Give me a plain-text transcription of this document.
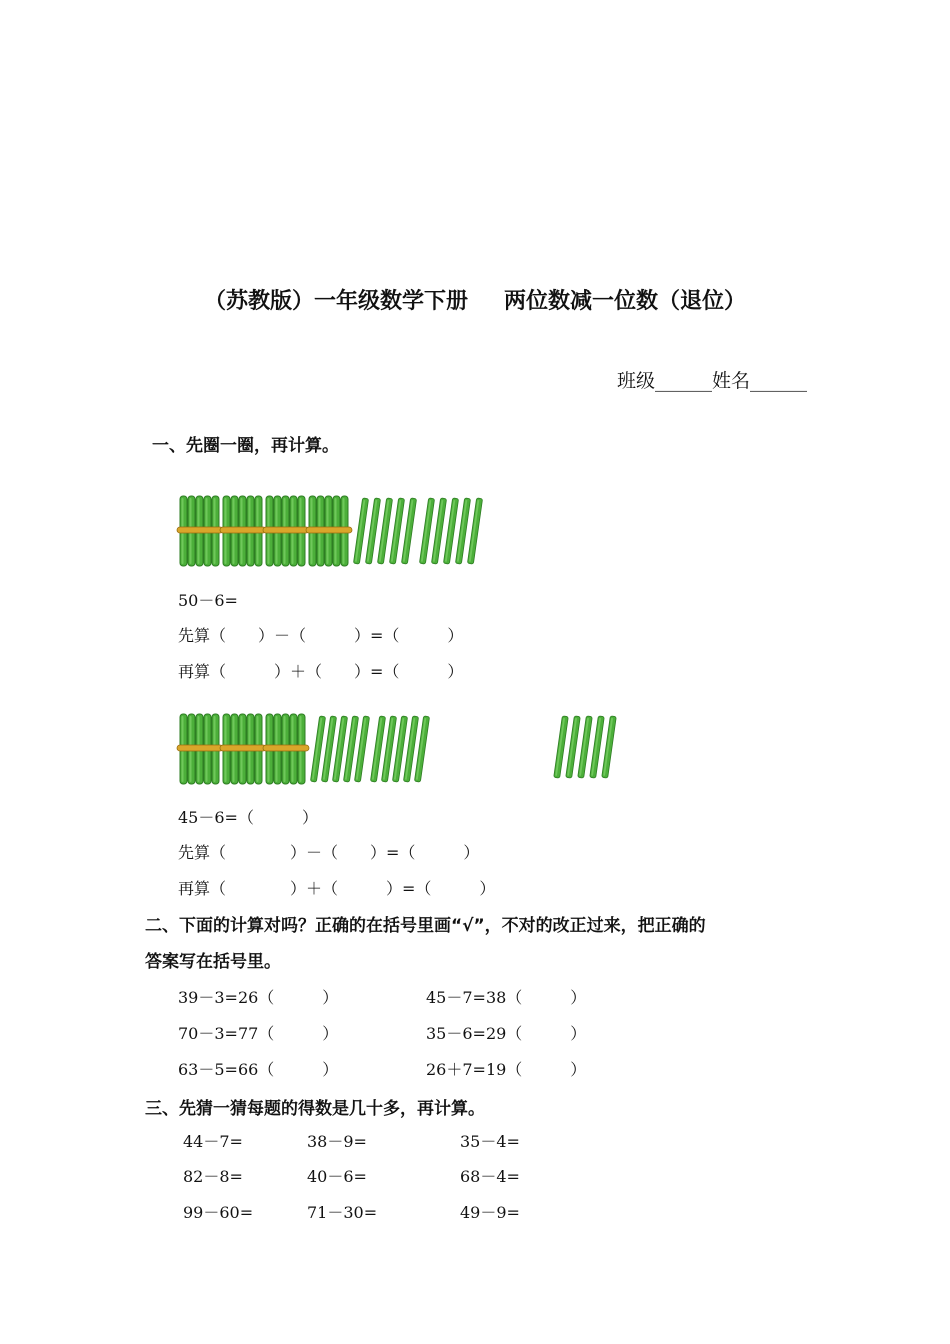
（苏教版）一年级数学下册 两位数减一位数（退位）
班级______姓名______
一、先圈一圈，再计算。
50－6=
先算（　　）－（　　　）=（　　　）
再算（　　　）＋（　　）=（　　　）
45－6=（　　　）
先算（　　　　）－（　　）=（　　　）
再算（　　　　）＋（　　　）=（　　　）
二、下面的计算对吗？正确的在括号里画“√”，不对的改正过来，把正确的
答案写在括号里。
39－3=26（　　　）	45－7=38（　　　）
70－3=77（　　　）	35－6=29（　　　）
63－5=66（　　　）	26＋7=19（　　　）
三、先猜一猜每题的得数是几十多，再计算。
44－7=	38－9=	35－4=
82－8=	40－6=	68－4=
99－60=	71－30=	49－9=
